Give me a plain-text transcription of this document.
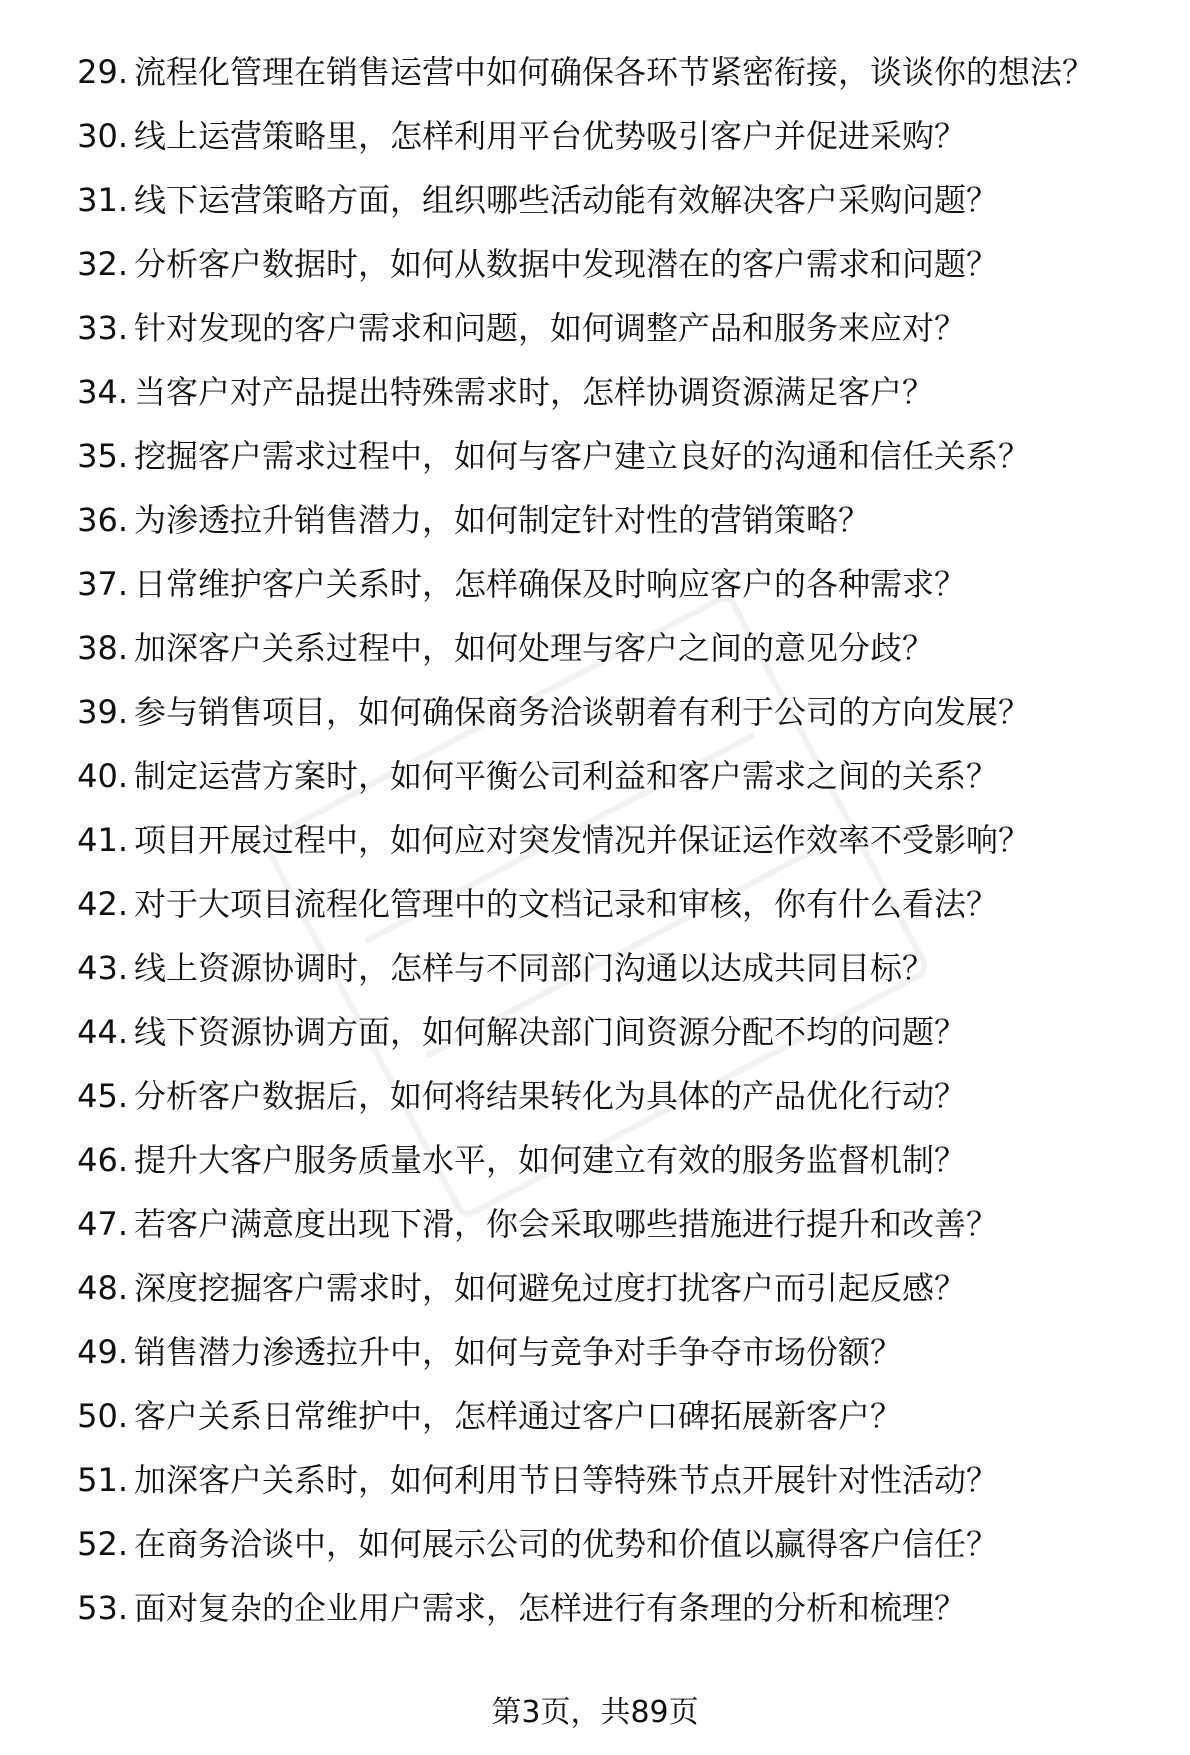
29. 流程化管理在销售运营中如何确保各环节紧密衔接，谈谈你的想法？
30. 线上运营策略里，怎样利用平台优势吸引客户并促进采购？
31. 线下运营策略方面，组织哪些活动能有效解决客户采购问题？
32. 分析客户数据时，如何从数据中发现潜在的客户需求和问题？
33. 针对发现的客户需求和问题，如何调整产品和服务来应对？
34. 当客户对产品提出特殊需求时，怎样协调资源满足客户？
35. 挖掘客户需求过程中，如何与客户建立良好的沟通和信任关系？
36. 为渗透拉升销售潜力，如何制定针对性的营销策略？
37. 日常维护客户关系时，怎样确保及时响应客户的各种需求？
38. 加深客户关系过程中，如何处理与客户之间的意见分歧？
39. 参与销售项目，如何确保商务洽谈朝着有利于公司的方向发展？
40. 制定运营方案时，如何平衡公司利益和客户需求之间的关系？
41. 项目开展过程中，如何应对突发情况并保证运作效率不受影响？
42. 对于大项目流程化管理中的文档记录和审核，你有什么看法？
43. 线上资源协调时，怎样与不同部门沟通以达成共同目标？
44. 线下资源协调方面，如何解决部门间资源分配不均的问题？
45. 分析客户数据后，如何将结果转化为具体的产品优化行动？
46. 提升大客户服务质量水平，如何建立有效的服务监督机制？
47. 若客户满意度出现下滑，你会采取哪些措施进行提升和改善？
48. 深度挖掘客户需求时，如何避免过度打扰客户而引起反感？
49. 销售潜力渗透拉升中，如何与竞争对手争夺市场份额？
50. 客户关系日常维护中，怎样通过客户口碑拓展新客户？
51. 加深客户关系时，如何利用节日等特殊节点开展针对性活动？
52. 在商务洽谈中，如何展示公司的优势和价值以赢得客户信任？
53. 面对复杂的企业用户需求，怎样进行有条理的分析和梳理？
第3页，共89页
